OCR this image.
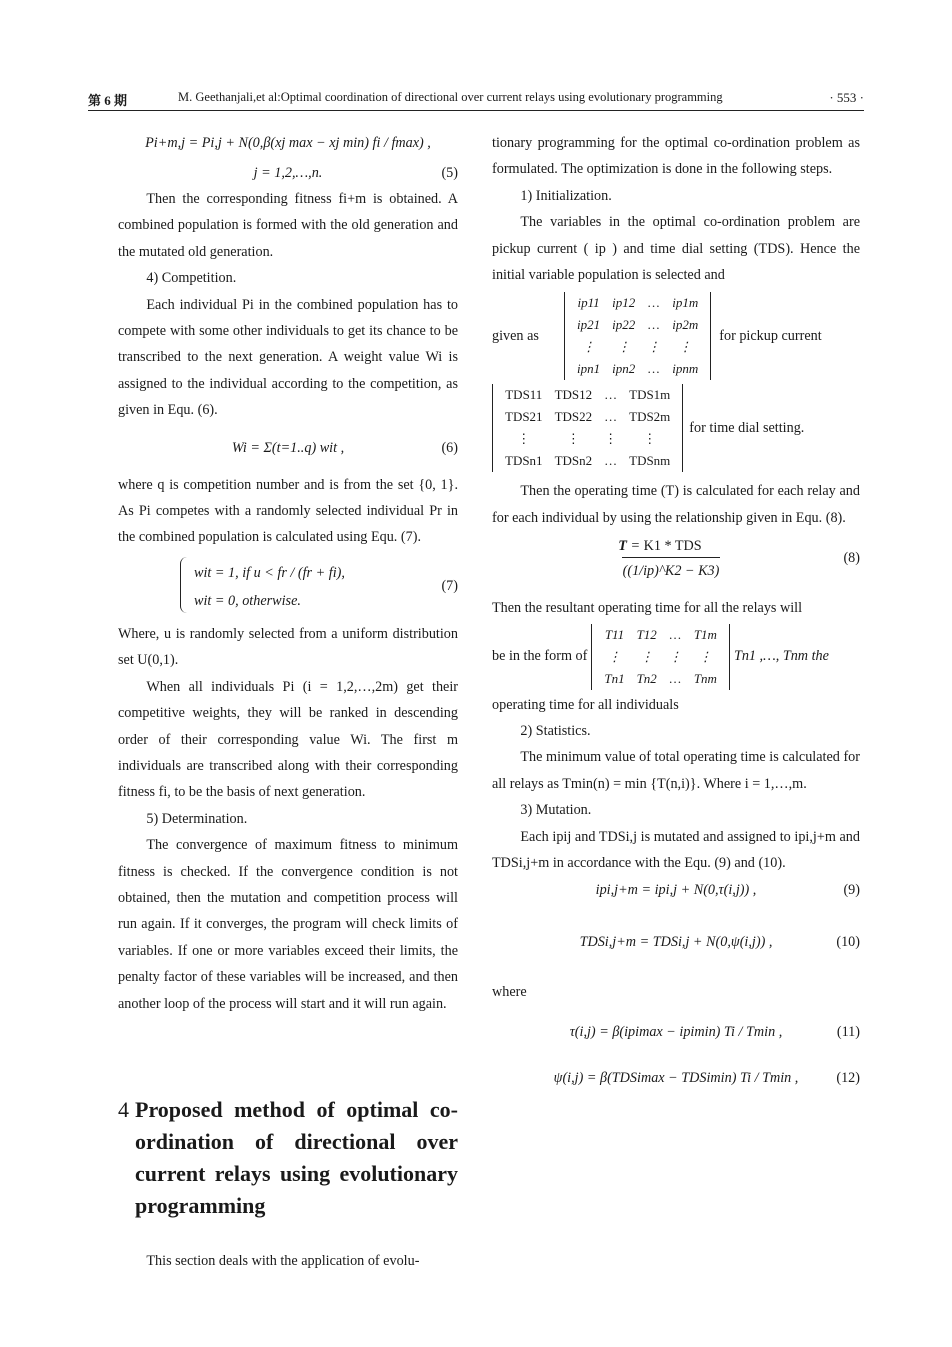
第 6 期	M. Geethanjali,et al:Optimal coordination of directional over current relays using evolutionary programming	· 553 ·
Pi+m,j = Pi,j + N(0,β(xj max − xj min) fi / fmax) ,
j = 1,2,…,n.	(5)

Then the corresponding fitness fi+m is obtained. A combined population is formed with the old generation and the mutated old generation.

4) Competition.

Each individual Pi in the combined population has to compete with some other individuals to get its chance to be transcribed to the next generation. A weight value Wi is assigned to the individual according to the competition, as given in Equ. (6).

Wi = Σ(t=1..q) wit ,	(6)

where q is competition number and is from the set {0, 1}. As Pi competes with a randomly selected individual Pr in the combined population is calculated using Equ. (7).

wit = 1, if u < fr / (fr + fi),
wit = 0, otherwise.
(7)

Where, u is randomly selected from a uniform distribution set U(0,1).

When all individuals Pi (i = 1,2,…,2m) get their competitive weights, they will be ranked in descending order of their corresponding value Wi. The first m individuals are transcribed along with their corresponding fitness fi, to be the basis of next generation.

5) Determination.

The convergence of maximum fitness to minimum fitness is checked. If the convergence condition is not obtained, then the mutation and competition process will run again. If it converges, the program will check limits of variables. If one or more variables exceed their limits, the penalty factor of these variables will be increased, and then another loop of the process will start and it will run again.

4 Proposed method of optimal co-ordination of directional over current relays using evolutionary programming
This section deals with the application of evolu-

tionary programming for the optimal co-ordination problem as formulated. The optimization is done in the following steps.

1) Initialization.

The variables in the optimal co-ordination problem are pickup current ( ip ) and time dial setting (TDS). Hence the initial variable population is selected and

given as
ip11	ip12	…	ip1m
ip21	ip22	…	ip2m
⋮	⋮	⋮	⋮
ipn1	ipn2	…	ipnm
for pickup current
TDS11	TDS12	…	TDS1m
TDS21	TDS22	…	TDS2m
⋮	⋮	⋮	⋮
TDSn1	TDSn2	…	TDSnm
for time dial setting.

Then the operating time (T) is calculated for each relay and for each individual by using the relationship given in Equ. (8).

T = K1 * TDS
((1/ip)^K2 − K3)
(8)

Then the resultant operating time for all the relays will

be in the form of
T11	T12	…	T1m
⋮	⋮	⋮	⋮
Tn1	Tn2	…	Tnm
Tn1 ,…, Tnm the

operating time for all individuals

2) Statistics.

The minimum value of total operating time is calculated for all relays as Tmin(n) = min {T(n,i)}. Where i = 1,…,m.

3) Mutation.

Each ipij and TDSi,j is mutated and assigned to ipi,j+m and TDSi,j+m in accordance with the Equ. (9) and (10).

ipi,j+m = ipi,j + N(0,τ(i,j)) ,	(9)
TDSi,j+m = TDSi,j + N(0,ψ(i,j)) ,	(10)

where

τ(i,j) = β(ipimax − ipimin) Ti / Tmin ,	(11)
ψ(i,j) = β(TDSimax − TDSimin) Ti / Tmin ,	(12)
